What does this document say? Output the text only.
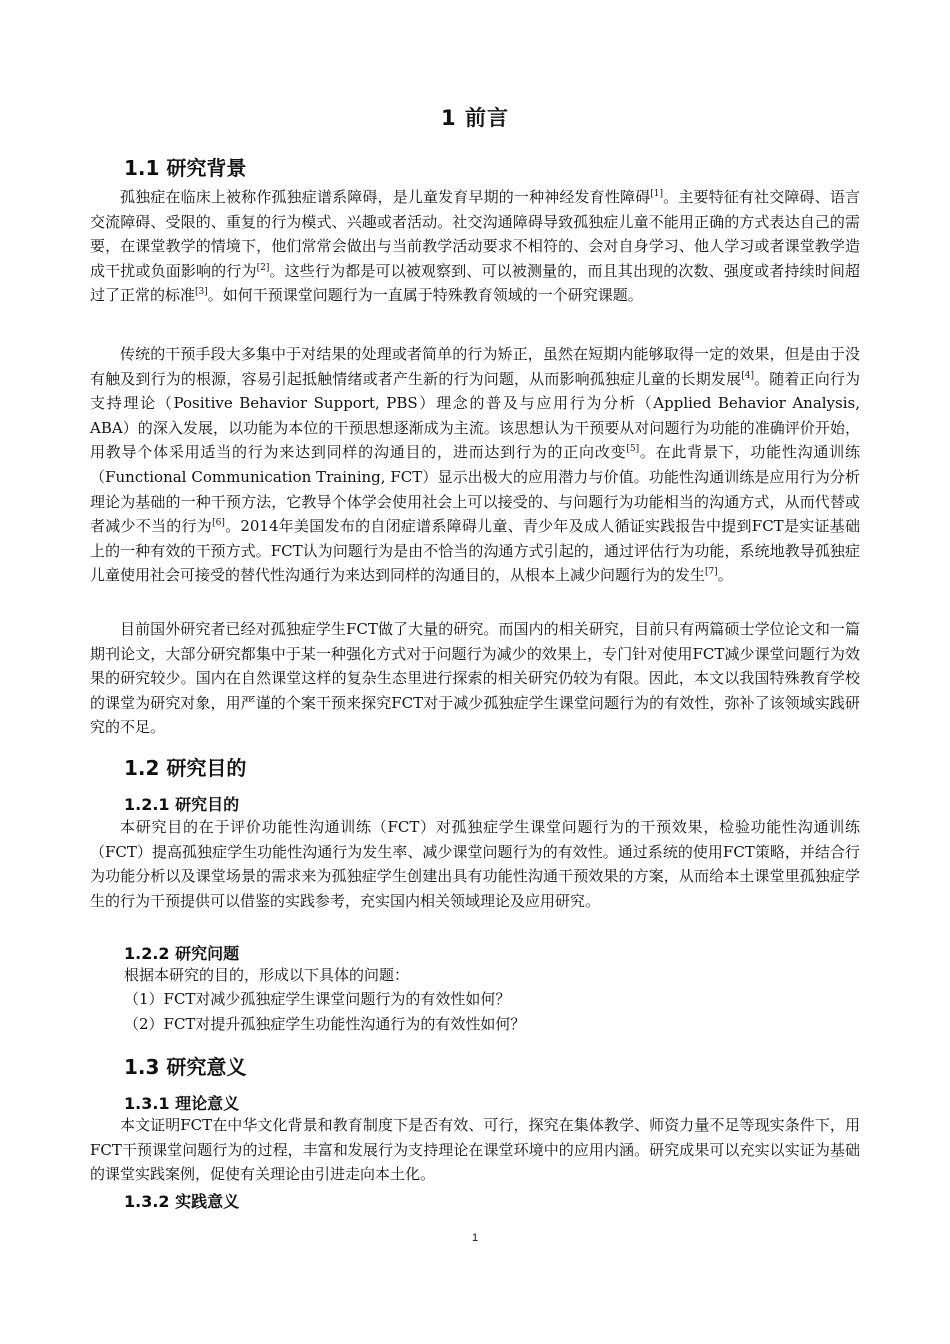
1 前言
1.1 研究背景

孤独症在临床上被称作孤独症谱系障碍，是儿童发育早期的一种神经发育性障碍[1]。主要特征有社交障碍、语言交流障碍、受限的、重复的行为模式、兴趣或者活动。社交沟通障碍导致孤独症儿童不能用正确的方式表达自己的需要，在课堂教学的情境下，他们常常会做出与当前教学活动要求不相符的、会对自身学习、他人学习或者课堂教学造成干扰或负面影响的行为[2]。这些行为都是可以被观察到、可以被测量的，而且其出现的次数、强度或者持续时间超过了正常的标准[3]。如何干预课堂问题行为一直属于特殊教育领域的一个研究课题。

传统的干预手段大多集中于对结果的处理或者简单的行为矫正，虽然在短期内能够取得一定的效果，但是由于没有触及到行为的根源，容易引起抵触情绪或者产生新的行为问题，从而影响孤独症儿童的长期发展[4]。随着正向行为支持理论（Positive Behavior Support, PBS）理念的普及与应用行为分析（Applied Behavior Analysis, ABA）的深入发展，以功能为本位的干预思想逐渐成为主流。该思想认为干预要从对问题行为功能的准确评价开始，用教导个体采用适当的行为来达到同样的沟通目的，进而达到行为的正向改变[5]。在此背景下，功能性沟通训练（Functional Communication Training, FCT）显示出极大的应用潜力与价值。功能性沟通训练是应用行为分析理论为基础的一种干预方法，它教导个体学会使用社会上可以接受的、与问题行为功能相当的沟通方式，从而代替或者减少不当的行为[6]。2014年美国发布的自闭症谱系障碍儿童、青少年及成人循证实践报告中提到FCT是实证基础上的一种有效的干预方式。FCT认为问题行为是由不恰当的沟通方式引起的，通过评估行为功能，系统地教导孤独症儿童使用社会可接受的替代性沟通行为来达到同样的沟通目的，从根本上减少问题行为的发生[7]。

目前国外研究者已经对孤独症学生FCT做了大量的研究。而国内的相关研究，目前只有两篇硕士学位论文和一篇期刊论文，大部分研究都集中于某一种强化方式对于问题行为减少的效果上，专门针对使用FCT减少课堂问题行为效果的研究较少。国内在自然课堂这样的复杂生态里进行探索的相关研究仍较为有限。因此，本文以我国特殊教育学校的课堂为研究对象，用严谨的个案干预来探究FCT对于减少孤独症学生课堂问题行为的有效性，弥补了该领域实践研究的不足。

1.2 研究目的
1.2.1 研究目的

本研究目的在于评价功能性沟通训练（FCT）对孤独症学生课堂问题行为的干预效果，检验功能性沟通训练（FCT）提高孤独症学生功能性沟通行为发生率、减少课堂问题行为的有效性。通过系统的使用FCT策略，并结合行为功能分析以及课堂场景的需求来为孤独症学生创建出具有功能性沟通干预效果的方案，从而给本土课堂里孤独症学生的行为干预提供可以借鉴的实践参考，充实国内相关领域理论及应用研究。

1.2.2 研究问题
根据本研究的目的，形成以下具体的问题：
（1）FCT对减少孤独症学生课堂问题行为的有效性如何？
（2）FCT对提升孤独症学生功能性沟通行为的有效性如何？
1.3 研究意义
1.3.1 理论意义

本文证明FCT在中华文化背景和教育制度下是否有效、可行，探究在集体教学、师资力量不足等现实条件下，用FCT干预课堂问题行为的过程，丰富和发展行为支持理论在课堂环境中的应用内涵。研究成果可以充实以实证为基础的课堂实践案例，促使有关理论由引进走向本土化。

1.3.2 实践意义
1
